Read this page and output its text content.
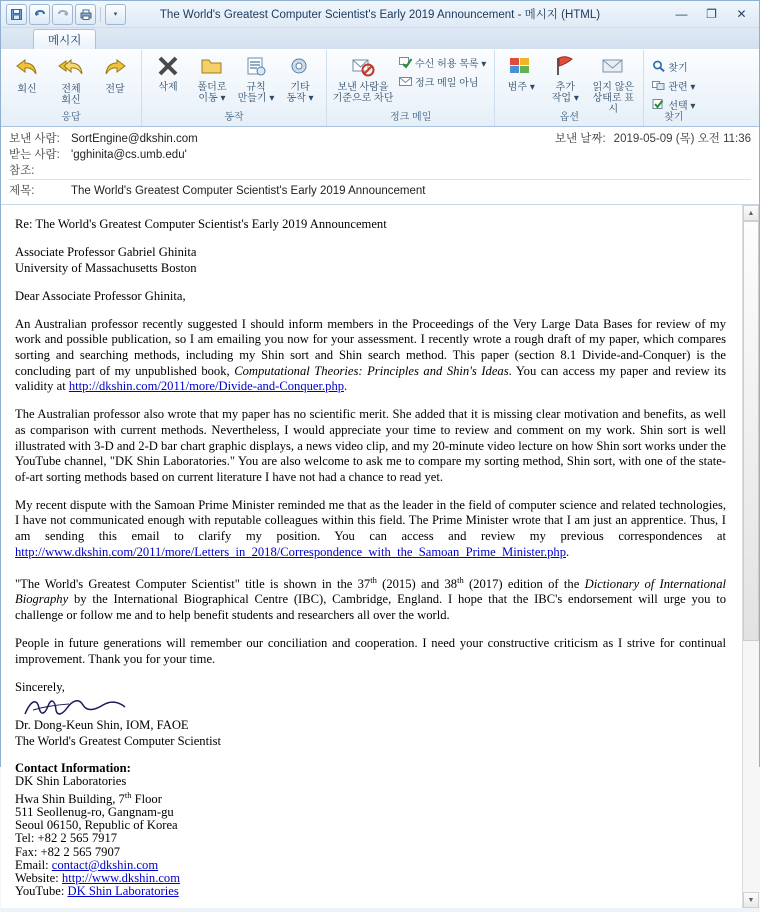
▾	The World's Greatest Computer Scientist's Early 2019 Announcement - 메시지 (HTML)	—	❐	✕
메시지
회신 전체
회신
전달
응답
삭제 폴더로
이동 ▾
규칙
만들기 ▾
기타
동작 ▾
동작
보낸 사람을
기준으로 차단
수신 허용 목록 ▾
정크 메일 아님
정크 메일
범주 ▾	추가
작업 ▾
읽지 않은
상태로 표시
옵션
찾기
관련 ▾
선택 ▾
찾기
보낸 사람: SortEngine@dkshin.com	보낸 날짜: 2019-05-09 (목) 오전 11:36
받는 사람: 'gghinita@cs.umb.edu'
참조:
제목:	The World's Greatest Computer Scientist's Early 2019 Announcement

Re: The World's Greatest Computer Scientist's Early 2019 Announcement

Associate Professor Gabriel Ghinita

University of Massachusetts Boston

Dear Associate Professor Ghinita,

An Australian professor recently suggested I should inform members in the Proceedings of the Very Large Data Bases for review of my work and possible publication, so I am emailing you now for your assessment. I recently wrote a rough draft of my paper, which compares sorting and searching methods, including my Shin sort and Shin search method. This paper (section 8.1 Divide-and-Conquer) is the concluding part of my unpublished book, Computational Theories: Principles and Shin's Ideas. You can access my paper and review its validity at http://dkshin.com/2011/more/Divide-and-Conquer.php.

The Australian professor also wrote that my paper has no scientific merit. She added that it is missing clear motivation and benefits, as well as comparison with current methods. Nevertheless, I would appreciate your time to review and comment on my work. Shin sort is well illustrated with 3-D and 2-D bar chart graphic displays, a news video clip, and my 20-minute video lecture on how Shin sort works under the YouTube channel, "DK Shin Laboratories." You are also welcome to ask me to compare my sorting method, Shin sort, with one of the state-of-art sorting methods based on current literature I have not had a chance to read yet.

My recent dispute with the Samoan Prime Minister reminded me that as the leader in the field of computer science and related technologies, I have not communicated enough with reputable colleagues within this field. The Prime Minister wrote that I am just an apprentice. Thus, I am sending this email to clarify my position. You can access and review my previous correspondences at http://www.dkshin.com/2011/more/Letters_in_2018/Correspondence_with_the_Samoan_Prime_Minister.php.

"The World's Greatest Computer Scientist" title is shown in the 37th (2015) and 38th (2017) edition of the Dictionary of International Biography by the International Biographical Centre (IBC), Cambridge, England. I hope that the IBC's endorsement will urge you to challenge or follow me and to help benefit students and researchers all over the world.

People in future generations will remember our conciliation and cooperation. I need your constructive criticism as I strive for continual improvement. Thank you for your time.

Sincerely,

Dr. Dong-Keun Shin, IOM, FAOE

The World's Greatest Computer Scientist

Contact Information:
DK Shin Laboratories
Hwa Shin Building, 7th Floor
511 Seollenug-ro, Gangnam-gu
Seoul 06150, Republic of Korea
Tel: +82 2 565 7917
Fax: +82 2 565 7907
Email: contact@dkshin.com
Website: http://www.dkshin.com
YouTube: DK Shin Laboratories
▲
▼
